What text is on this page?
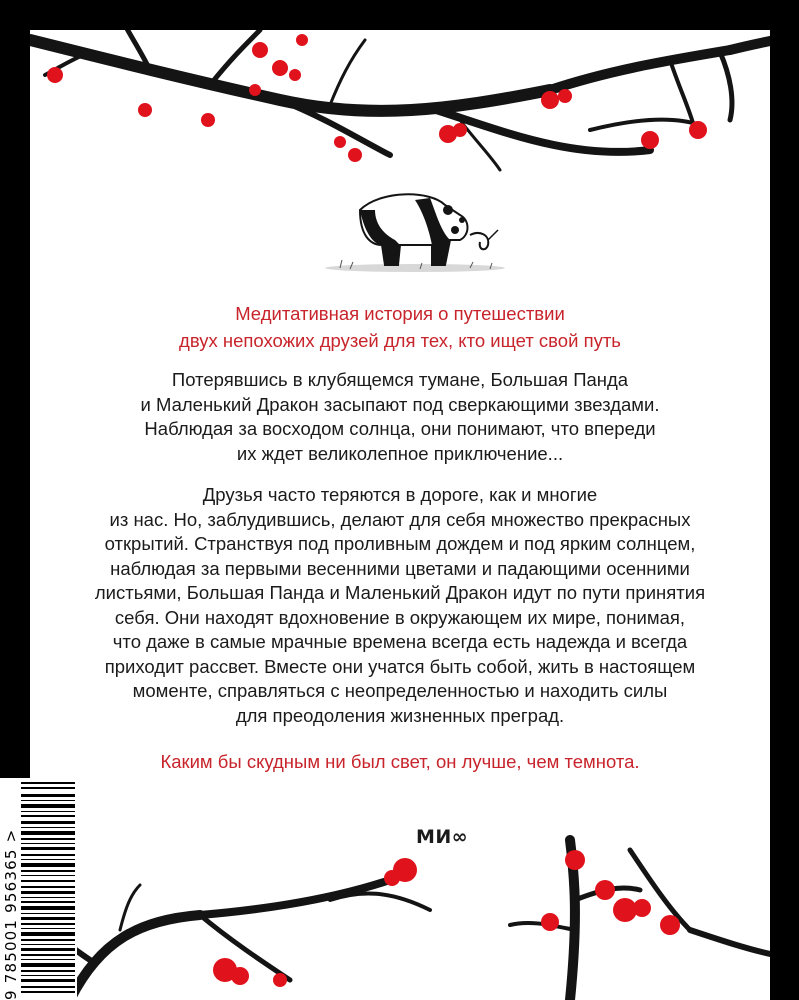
Медитативная история о путешествии
двух непохожих друзей для тех, кто ищет свой путь
Потерявшись в клубящемся тумане, Большая Панда
и Маленький Дракон засыпают под сверкающими звездами.
Наблюдая за восходом солнца, они понимают, что впереди
их ждет великолепное приключение...
Друзья часто теряются в дороге, как и многие
из нас. Но, заблудившись, делают для себя множество прекрасных
открытий. Странствуя под проливным дождем и под ярким солнцем,
наблюдая за первыми весенними цветами и падающими осенними
листьями, Большая Панда и Маленький Дракон идут по пути принятия
себя. Они находят вдохновение в окружающем их мире, понимая,
что даже в самые мрачные времена всегда есть надежда и всегда
приходит рассвет. Вместе они учатся быть собой, жить в настоящем
моменте, справляться с неопределенностью и находить силы
для преодоления жизненных преград.
Каким бы скудным ни был свет, он лучше, чем темнота.
МИ∞
9 785001 956365 >
